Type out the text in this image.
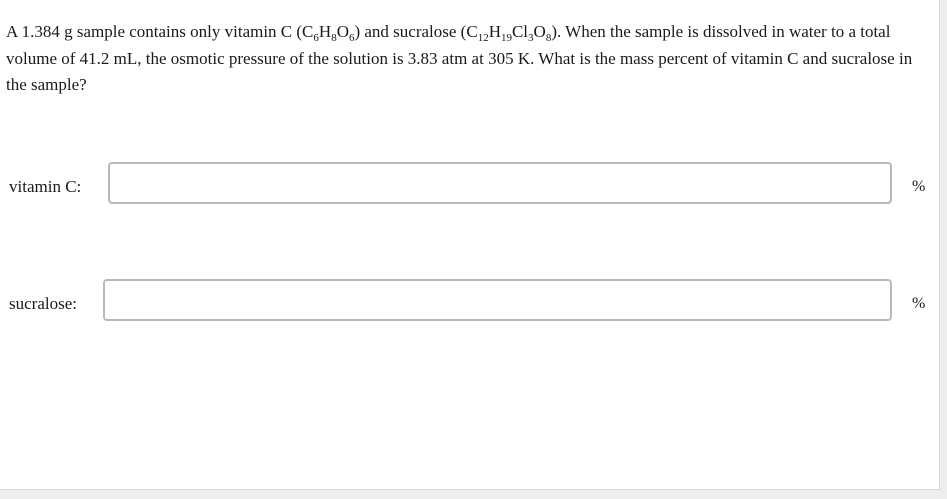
A 1.384 g sample contains only vitamin C $(C_6H_8O_6)$ and sucralose $(C_{12}H_{19}Cl_3O_8)$. When the sample is dissolved in water to a total volume of 41.2 mL, the osmotic pressure of the solution is 3.83 atm at 305 K. What is the mass percent of vitamin C and sucralose in the sample?

vitamin C:	%
sucralose:	%
